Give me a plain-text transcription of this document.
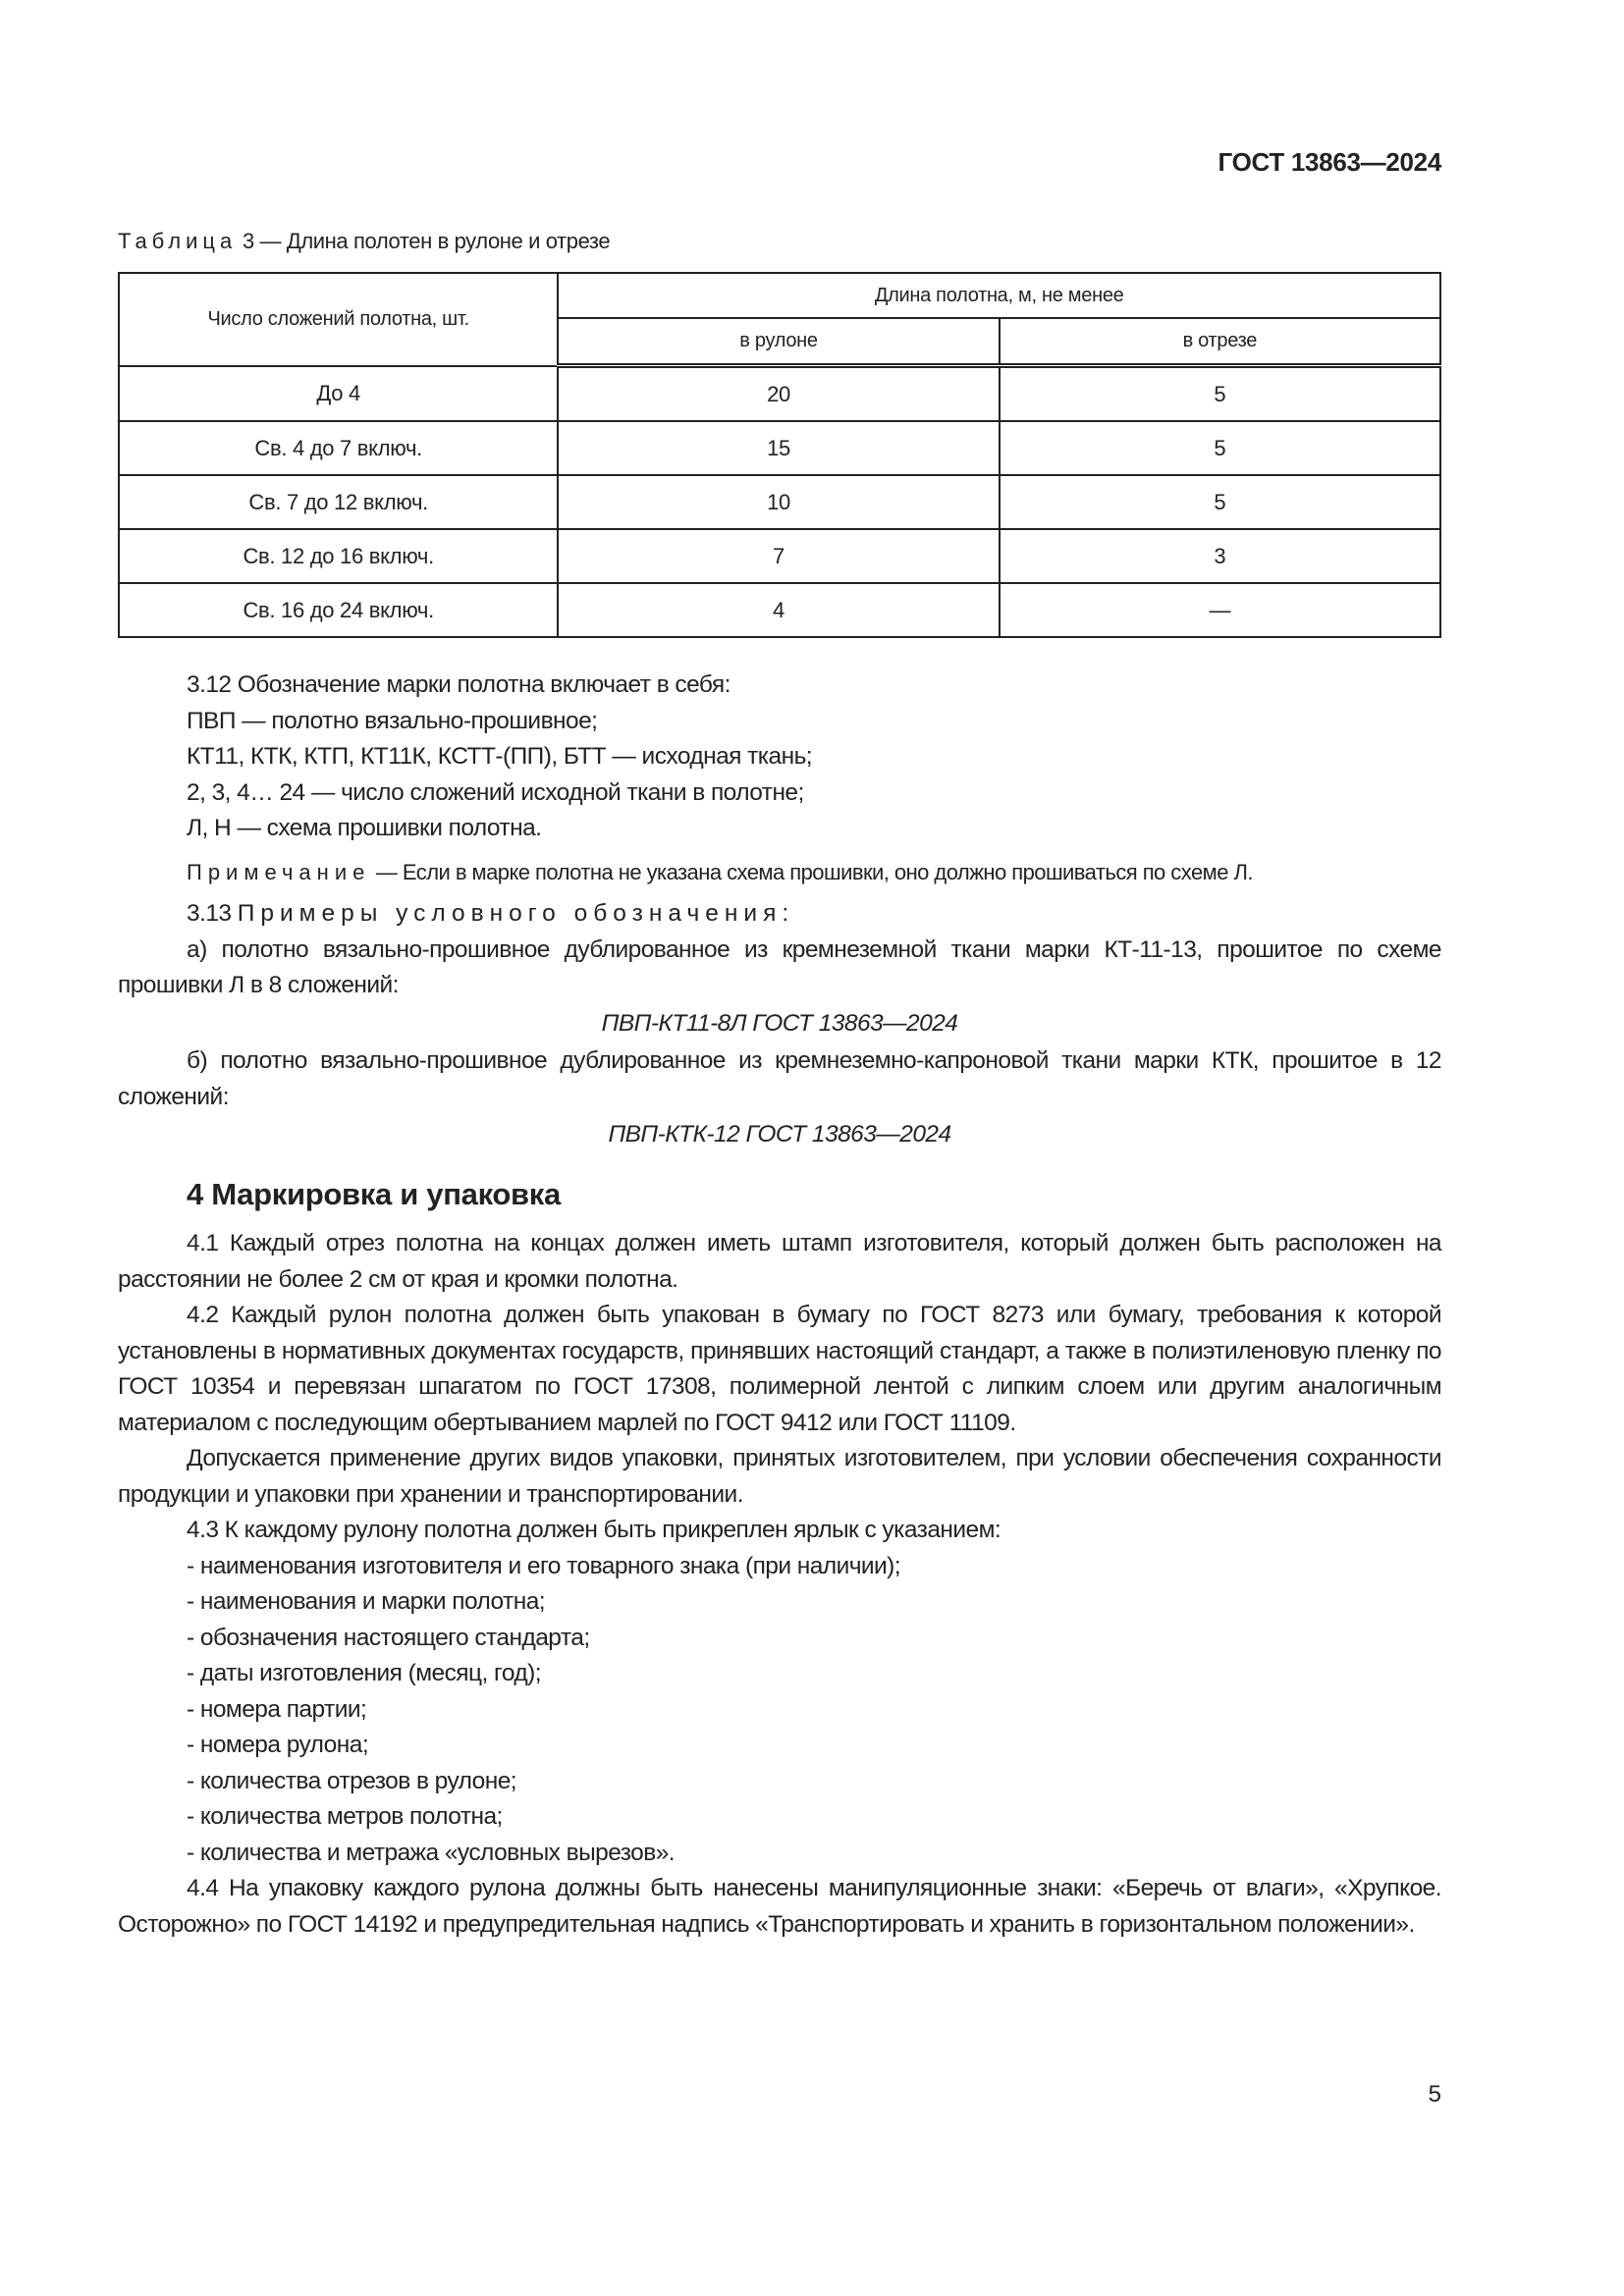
ГОСТ 13863—2024
Таблица 3 — Длина полотен в рулоне и отрезе
Число сложений полотна, шт.	Длина полотна, м, не менее	
	в рулоне	в отрезе
До 4	20	5
Св. 4 до 7 включ.	15	5
Св. 7 до 12 включ.	10	5
Св. 12 до 16 включ.	7	3
Св. 16 до 24 включ.	4	—

3.12 Обозначение марки полотна включает в себя:

ПВП — полотно вязально-прошивное;

КТ11, КТК, КТП, КТ11К, КСТТ-(ПП), БТТ — исходная ткань;

2, 3, 4… 24 — число сложений исходной ткани в полотне;

Л, Н — схема прошивки полотна.

Примечание — Если в марке полотна не указана схема прошивки, оно должно прошиваться по схеме Л.

3.13 Примеры условного обозначения:

а) полотно вязально-прошивное дублированное из кремнеземной ткани марки КТ-11-13, прошитое по схеме прошивки Л в 8 сложений:

ПВП-КТ11-8Л ГОСТ 13863—2024

б) полотно вязально-прошивное дублированное из кремнеземно-капроновой ткани марки КТК, прошитое в 12 сложений:

ПВП-КТК-12 ГОСТ 13863—2024

4 Маркировка и упаковка

4.1 Каждый отрез полотна на концах должен иметь штамп изготовителя, который должен быть расположен на расстоянии не более 2 см от края и кромки полотна.

4.2 Каждый рулон полотна должен быть упакован в бумагу по ГОСТ 8273 или бумагу, требования к которой установлены в нормативных документах государств, принявших настоящий стандарт, а также в полиэтиленовую пленку по ГОСТ 10354 и перевязан шпагатом по ГОСТ 17308, полимерной лентой с липким слоем или другим аналогичным материалом с последующим обертыванием марлей по ГОСТ 9412 или ГОСТ 11109.

Допускается применение других видов упаковки, принятых изготовителем, при условии обеспечения сохранности продукции и упаковки при хранении и транспортировании.

4.3 К каждому рулону полотна должен быть прикреплен ярлык с указанием:

- наименования изготовителя и его товарного знака (при наличии);

- наименования и марки полотна;

- обозначения настоящего стандарта;

- даты изготовления (месяц, год);

- номера партии;

- номера рулона;

- количества отрезов в рулоне;

- количества метров полотна;

- количества и метража «условных вырезов».

4.4 На упаковку каждого рулона должны быть нанесены манипуляционные знаки: «Беречь от влаги», «Хрупкое. Осторожно» по ГОСТ 14192 и предупредительная надпись «Транспортировать и хранить в горизонтальном положении».

5
